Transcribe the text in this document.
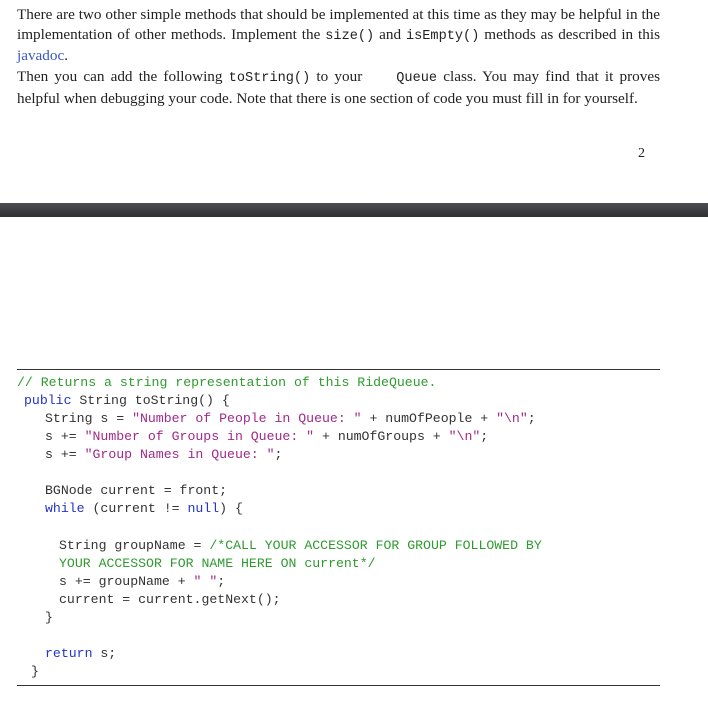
There are two other simple methods that should be implemented at this time as they may be helpful in the implementation of other methods. Implement the size() and isEmpty() methods as described in this javadoc.

Then you can add the following toString() to your	Queue class. You may find that it proves helpful when debugging your code. Note that there is one section of code you must fill in for yourself.

2
// Returns a string representation of this RideQueue.
public String toString() {
String s = "Number of People in Queue: " + numOfPeople + "\n";
s += "Number of Groups in Queue: " + numOfGroups + "\n";
s += "Group Names in Queue: ";
BGNode current = front;
while (current != null) {
String groupName = /*CALL YOUR ACCESSOR FOR GROUP FOLLOWED BY
YOUR ACCESSOR FOR NAME HERE ON current*/
s += groupName + " ";
current = current.getNext();
}
return s;
}
